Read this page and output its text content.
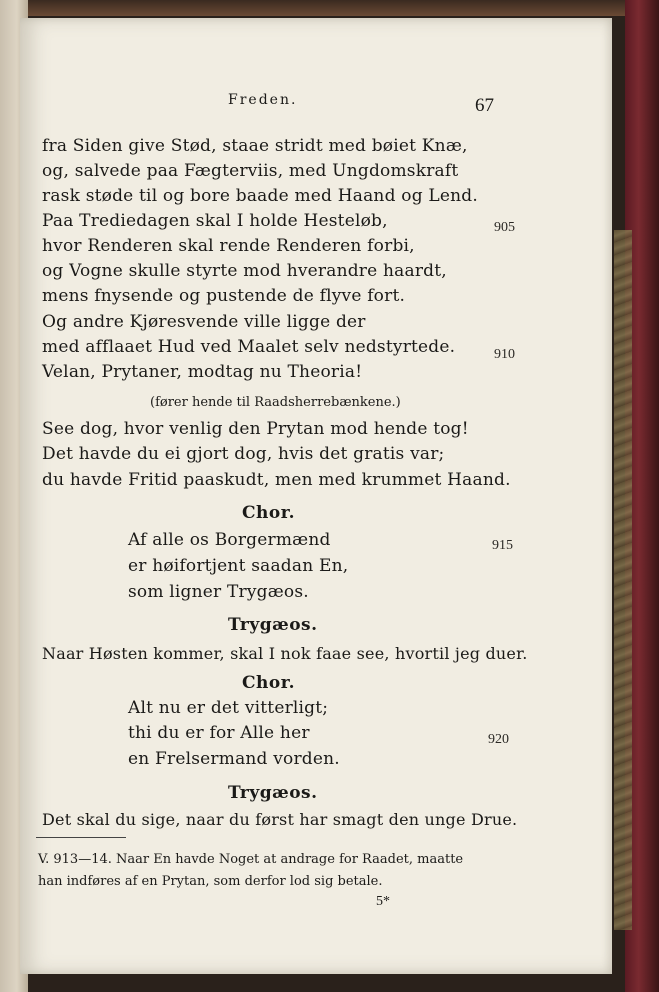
Freden.	67
fra Siden give Stød, staae stridt med bøiet Knæ,
og, salvede paa Fægterviis, med Ungdomskraft
rask støde til og bore baade med Haand og Lend.
Paa Trediedagen skal I holde Hesteløb,	905
hvor Renderen skal rende Renderen forbi,
og Vogne skulle styrte mod hverandre haardt,
mens fnysende og pustende de flyve fort.
Og andre Kjøresvende ville ligge der
med afflaaet Hud ved Maalet selv nedstyrtede.	910
Velan, Prytaner, modtag nu Theoria!
(fører hende til Raadsherrebænkene.)
See dog, hvor venlig den Prytan mod hende tog!
Det havde du ei gjort dog, hvis det gratis var;
du havde Fritid paaskudt, men med krummet Haand.
Chor.
Af alle os Borgermænd	915
er høifortjent saadan En,
som ligner Trygæos.
Trygæos.
Naar Høsten kommer, skal I nok faae see, hvortil jeg duer.
Chor.
Alt nu er det vitterligt;
thi du er for Alle her	920
en Frelsermand vorden.
Trygæos.
Det skal du sige, naar du først har smagt den unge Drue.
V. 913—14. Naar En havde Noget at andrage for Raadet, maatte
han indføres af en Prytan, som derfor lod sig betale.
5*
